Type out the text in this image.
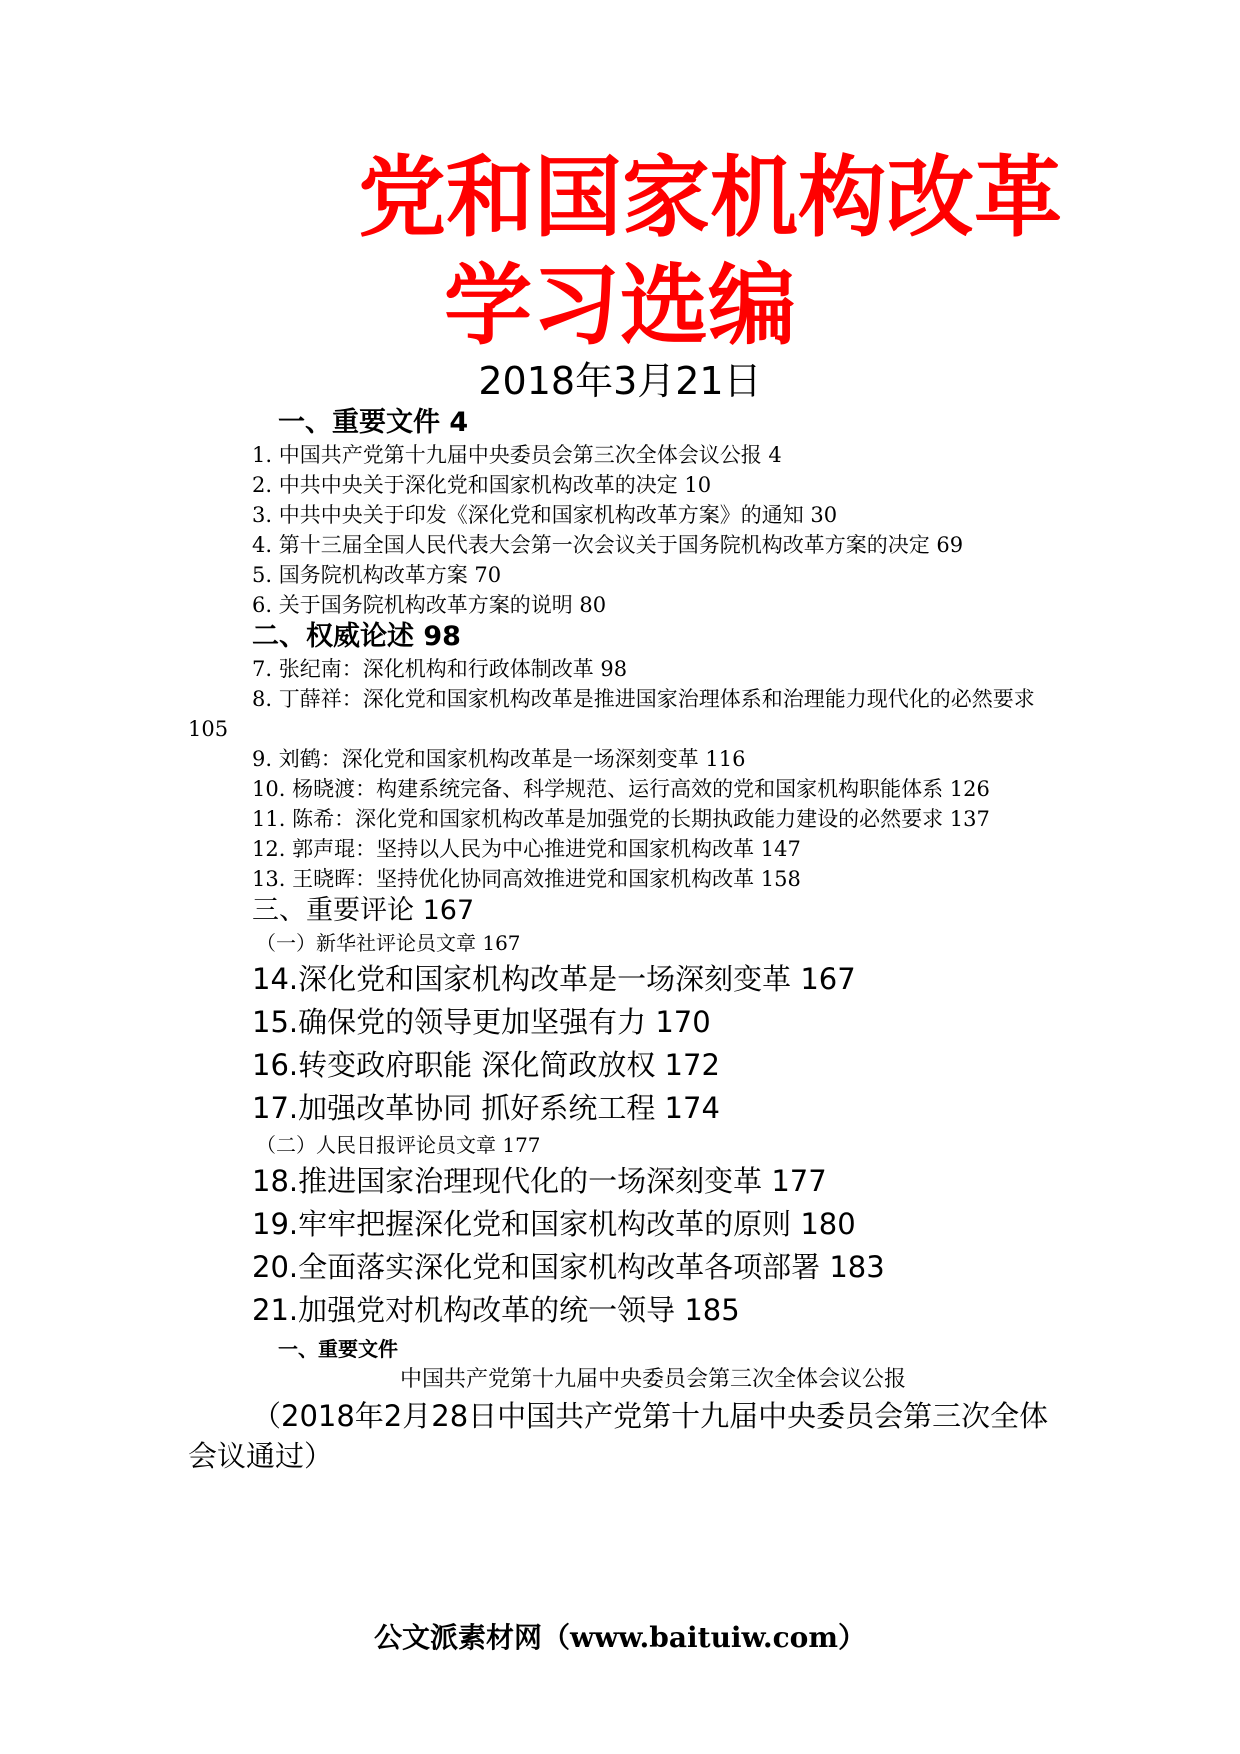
党和国家机构改革
学习选编

2018年3月21日

一、重要文件 4

1. 中国共产党第十九届中央委员会第三次全体会议公报 4

2. 中共中央关于深化党和国家机构改革的决定 10

3. 中共中央关于印发《深化党和国家机构改革方案》的通知 30

4. 第十三届全国人民代表大会第一次会议关于国务院机构改革方案的决定 69

5. 国务院机构改革方案 70

6. 关于国务院机构改革方案的说明 80

二、权威论述 98

7. 张纪南：深化机构和行政体制改革 98

8. 丁薛祥：深化党和国家机构改革是推进国家治理体系和治理能力现代化的必然要求 105

9. 刘鹤：深化党和国家机构改革是一场深刻变革 116

10. 杨晓渡：构建系统完备、科学规范、运行高效的党和国家机构职能体系 126

11. 陈希：深化党和国家机构改革是加强党的长期执政能力建设的必然要求 137

12. 郭声琨：坚持以人民为中心推进党和国家机构改革 147

13. 王晓晖：坚持优化协同高效推进党和国家机构改革 158

三、重要评论 167

（一）新华社评论员文章 167

14.深化党和国家机构改革是一场深刻变革 167

15.确保党的领导更加坚强有力 170

16.转变政府职能 深化简政放权 172

17.加强改革协同 抓好系统工程 174

（二）人民日报评论员文章 177

18.推进国家治理现代化的一场深刻变革 177

19.牢牢把握深化党和国家机构改革的原则 180

20.全面落实深化党和国家机构改革各项部署 183

21.加强党对机构改革的统一领导 185

一、重要文件

中国共产党第十九届中央委员会第三次全体会议公报

（2018年2月28日中国共产党第十九届中央委员会第三次全体会议通过）

公文派素材网（www.baituiw.com）
